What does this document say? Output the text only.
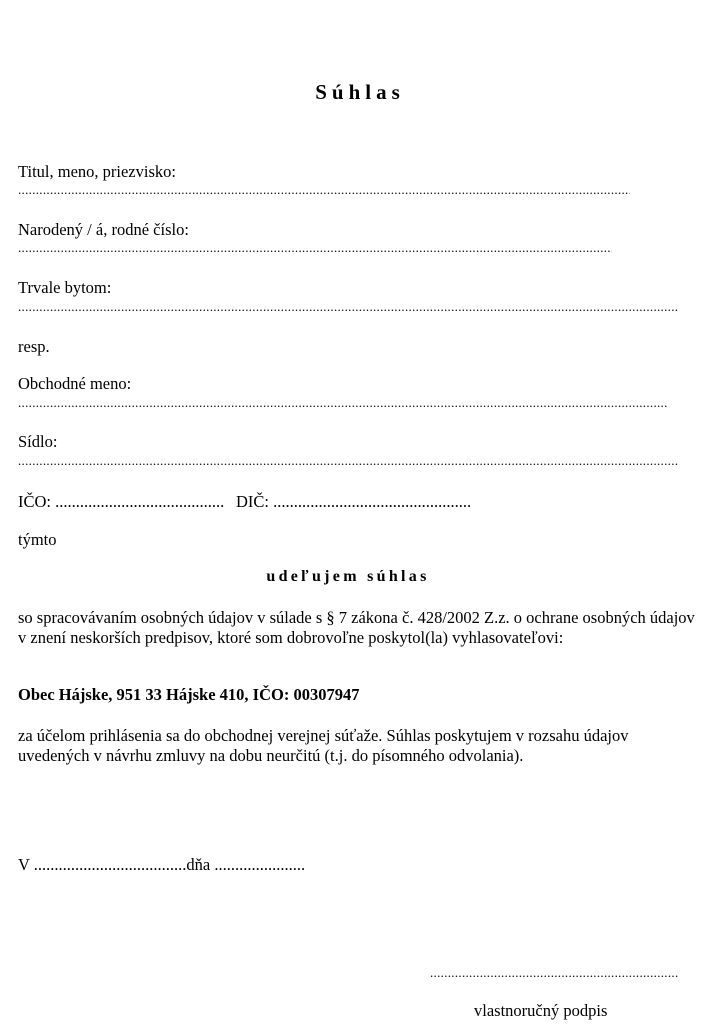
Súhlas
Titul, meno, priezvisko:
.....
Narodený / á, rodné číslo:
.....
Trvale bytom:
.....
resp.
Obchodné meno:
.....
Sídlo:
.....
IČO: ......................................... DIČ: ................................................
týmto
udeľujem súhlas
so spracovávaním osobných údajov v súlade s § 7 zákona č. 428/2002 Z.z. o ochrane osobných údajov v znení neskorších predpisov, ktoré som dobrovoľne poskytol(la) vyhlasovateľovi:
Obec Hájske, 951 33 Hájske 410, IČO: 00307947
za účelom prihlásenia sa do obchodnej verejnej súťaže. Súhlas poskytujem v rozsahu údajov uvedených v návrhu zmluvy na dobu neurčitú (t.j. do písomného odvolania).
V .....................................dňa ......................
.....
vlastnoručný podpis
